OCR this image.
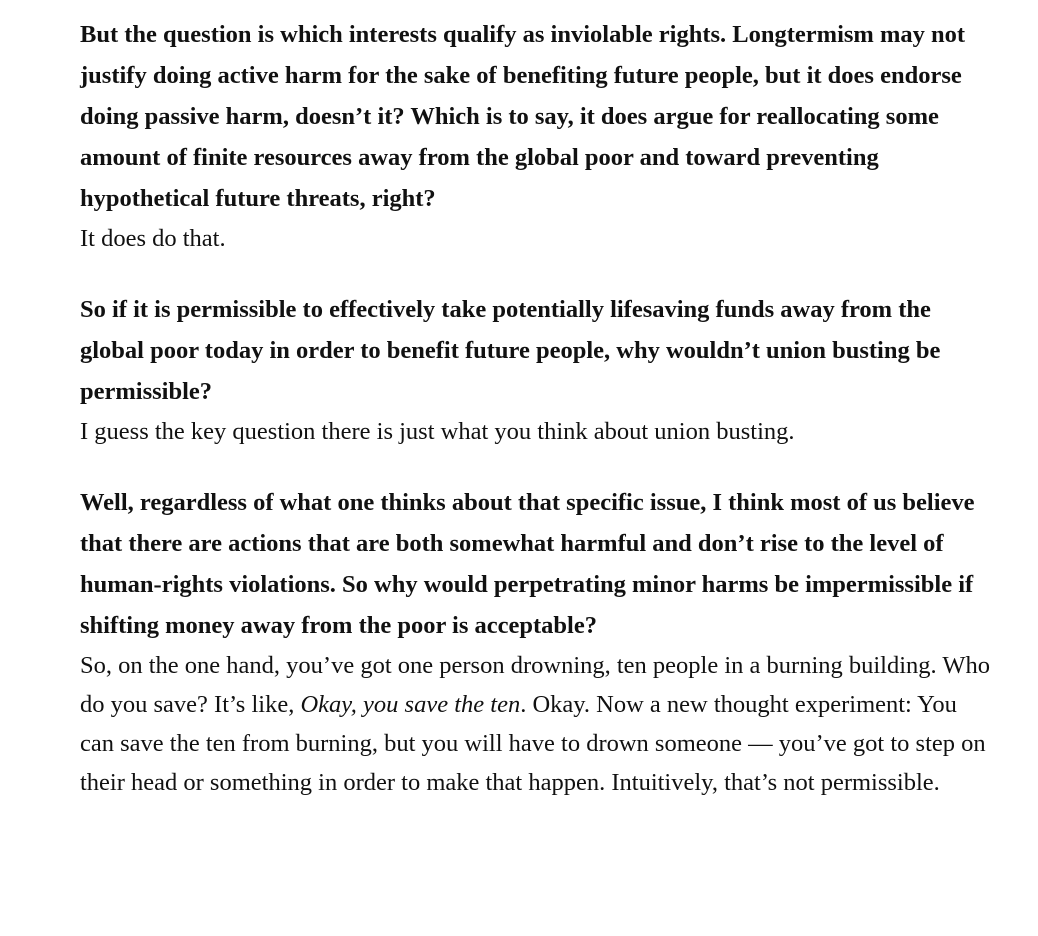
But the question is which interests qualify as inviolable rights. Longtermism may not justify doing active harm for the sake of benefiting future people, but it does endorse doing passive harm, doesn’t it? Which is to say, it does argue for reallocating some amount of finite resources away from the global poor and toward preventing hypothetical future threats, right?

It does do that.

So if it is permissible to effectively take potentially lifesaving funds away from the global poor today in order to benefit future people, why wouldn’t union busting be permissible?

I guess the key question there is just what you think about union busting.

Well, regardless of what one thinks about that specific issue, I think most of us believe that there are actions that are both somewhat harmful and don’t rise to the level of human-rights violations. So why would perpetrating minor harms be impermissible if shifting money away from the poor is acceptable?

So, on the one hand, you’ve got one person drowning, ten people in a burning building. Who do you save? It’s like, Okay, you save the ten. Okay. Now a new thought experiment: You can save the ten from burning, but you will have to drown someone — you’ve got to step on their head or something in order to make that happen. Intuitively, that’s not permissible.
